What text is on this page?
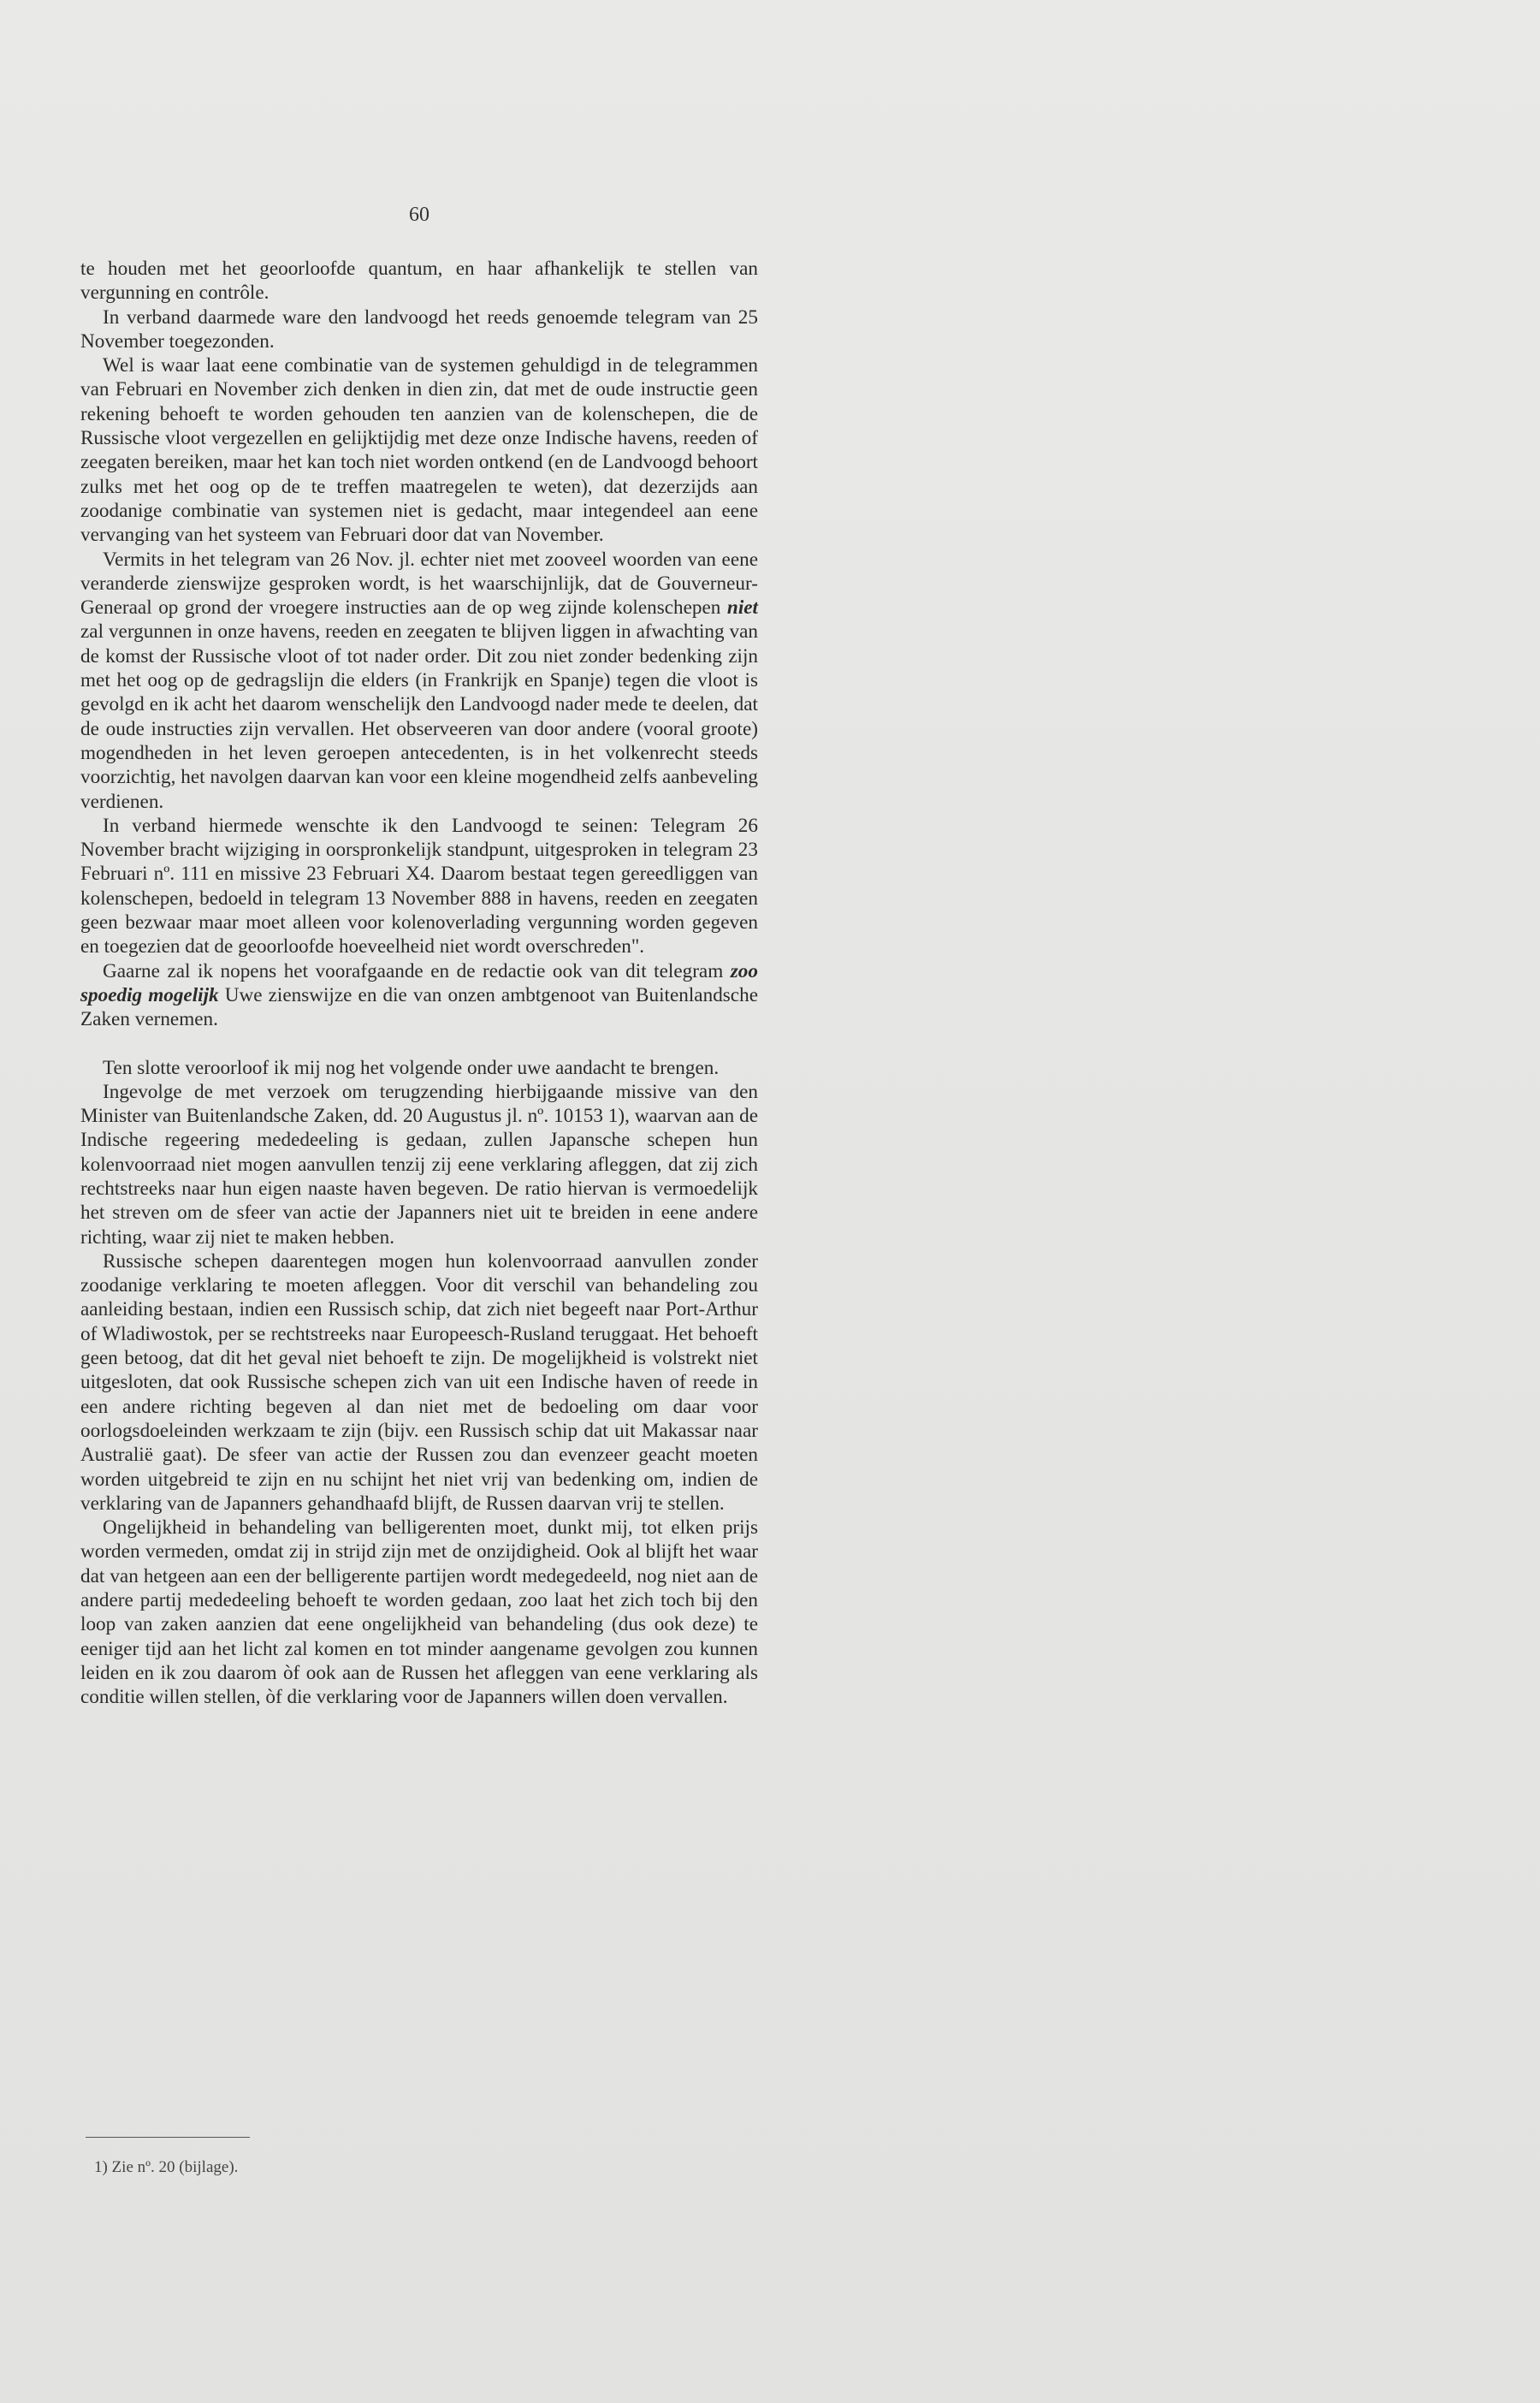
60

te houden met het geoorloofde quantum, en haar afhankelijk te stellen van vergunning en contrôle.

In verband daarmede ware den landvoogd het reeds genoemde telegram van 25 November toegezonden.

Wel is waar laat eene combinatie van de systemen gehuldigd in de telegrammen van Februari en November zich denken in dien zin, dat met de oude instructie geen rekening behoeft te worden gehouden ten aanzien van de kolenschepen, die de Russische vloot vergezellen en gelijktijdig met deze onze Indische havens, reeden of zeegaten bereiken, maar het kan toch niet worden ontkend (en de Landvoogd behoort zulks met het oog op de te treffen maatregelen te weten), dat dezerzijds aan zoodanige combinatie van systemen niet is gedacht, maar integendeel aan eene vervanging van het systeem van Februari door dat van November.

Vermits in het telegram van 26 Nov. jl. echter niet met zooveel woorden van eene veranderde zienswijze gesproken wordt, is het waarschijnlijk, dat de Gouverneur-Generaal op grond der vroegere instructies aan de op weg zijnde kolenschepen niet zal vergunnen in onze havens, reeden en zeegaten te blijven liggen in afwachting van de komst der Russische vloot of tot nader order. Dit zou niet zonder bedenking zijn met het oog op de gedragslijn die elders (in Frankrijk en Spanje) tegen die vloot is gevolgd en ik acht het daarom wenschelijk den Landvoogd nader mede te deelen, dat de oude instructies zijn vervallen. Het observeeren van door andere (vooral groote) mogendheden in het leven geroepen antecedenten, is in het volkenrecht steeds voorzichtig, het navolgen daarvan kan voor een kleine mogendheid zelfs aanbeveling verdienen.

In verband hiermede wenschte ik den Landvoogd te seinen: Telegram 26 November bracht wijziging in oorspronkelijk standpunt, uitgesproken in telegram 23 Februari nº. 111 en missive 23 Februari X4. Daarom bestaat tegen gereedliggen van kolenschepen, bedoeld in telegram 13 November 888 in havens, reeden en zeegaten geen bezwaar maar moet alleen voor kolenoverlading vergunning worden gegeven en toegezien dat de geoorloofde hoeveelheid niet wordt overschreden".

Gaarne zal ik nopens het voorafgaande en de redactie ook van dit telegram zoo spoedig mogelijk Uwe zienswijze en die van onzen ambtgenoot van Buitenlandsche Zaken vernemen.

Ten slotte veroorloof ik mij nog het volgende onder uwe aandacht te brengen.

Ingevolge de met verzoek om terugzending hierbijgaande missive van den Minister van Buitenlandsche Zaken, dd. 20 Augustus jl. nº. 10153 1), waarvan aan de Indische regeering mededeeling is gedaan, zullen Japansche schepen hun kolenvoorraad niet mogen aanvullen tenzij zij eene verklaring afleggen, dat zij zich rechtstreeks naar hun eigen naaste haven begeven. De ratio hiervan is vermoedelijk het streven om de sfeer van actie der Japanners niet uit te breiden in eene andere richting, waar zij niet te maken hebben.

Russische schepen daarentegen mogen hun kolenvoorraad aanvullen zonder zoodanige verklaring te moeten afleggen. Voor dit verschil van behandeling zou aanleiding bestaan, indien een Russisch schip, dat zich niet begeeft naar Port-Arthur of Wladiwostok, per se rechtstreeks naar Europeesch-Rusland teruggaat. Het behoeft geen betoog, dat dit het geval niet behoeft te zijn. De mogelijkheid is volstrekt niet uitgesloten, dat ook Russische schepen zich van uit een Indische haven of reede in een andere richting begeven al dan niet met de bedoeling om daar voor oorlogsdoeleinden werkzaam te zijn (bijv. een Russisch schip dat uit Makassar naar Australië gaat). De sfeer van actie der Russen zou dan evenzeer geacht moeten worden uitgebreid te zijn en nu schijnt het niet vrij van bedenking om, indien de verklaring van de Japanners gehandhaafd blijft, de Russen daarvan vrij te stellen.

Ongelijkheid in behandeling van belligerenten moet, dunkt mij, tot elken prijs worden vermeden, omdat zij in strijd zijn met de onzijdigheid. Ook al blijft het waar dat van hetgeen aan een der belligerente partijen wordt medegedeeld, nog niet aan de andere partij mededeeling behoeft te worden gedaan, zoo laat het zich toch bij den loop van zaken aanzien dat eene ongelijkheid van behandeling (dus ook deze) te eeniger tijd aan het licht zal komen en tot minder aangename gevolgen zou kunnen leiden en ik zou daarom òf ook aan de Russen het afleggen van eene verklaring als conditie willen stellen, òf die verklaring voor de Japanners willen doen vervallen.

1) Zie nº. 20 (bijlage).
